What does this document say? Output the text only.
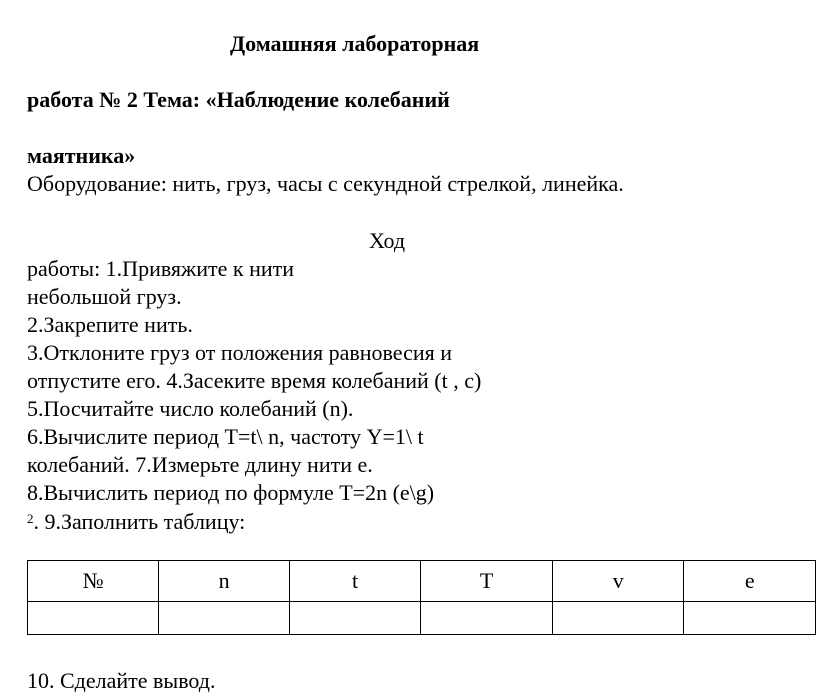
Домашняя лабораторная
работа № 2 Тема: «Наблюдение колебаний
маятника»
Оборудование: нить, груз, часы с секундной стрелкой, линейка.
Ход
работы: 1.Привяжите к нити
небольшой груз.
2.Закрепите нить.
3.Отклоните груз от положения равновесия и
отпустите его. 4.Засеките время колебаний (t , c)
5.Посчитайте число колебаний (n).
6.Вычислите период T=t\ n, частоту Y=1\ t
колебаний. 7.Измерьте длину нити е.
8.Вычислить период по формуле T=2n (e\g)
$^2$. 9.Заполнить таблицу:
№	n	t	T	v	e

10. Сделайте вывод.
